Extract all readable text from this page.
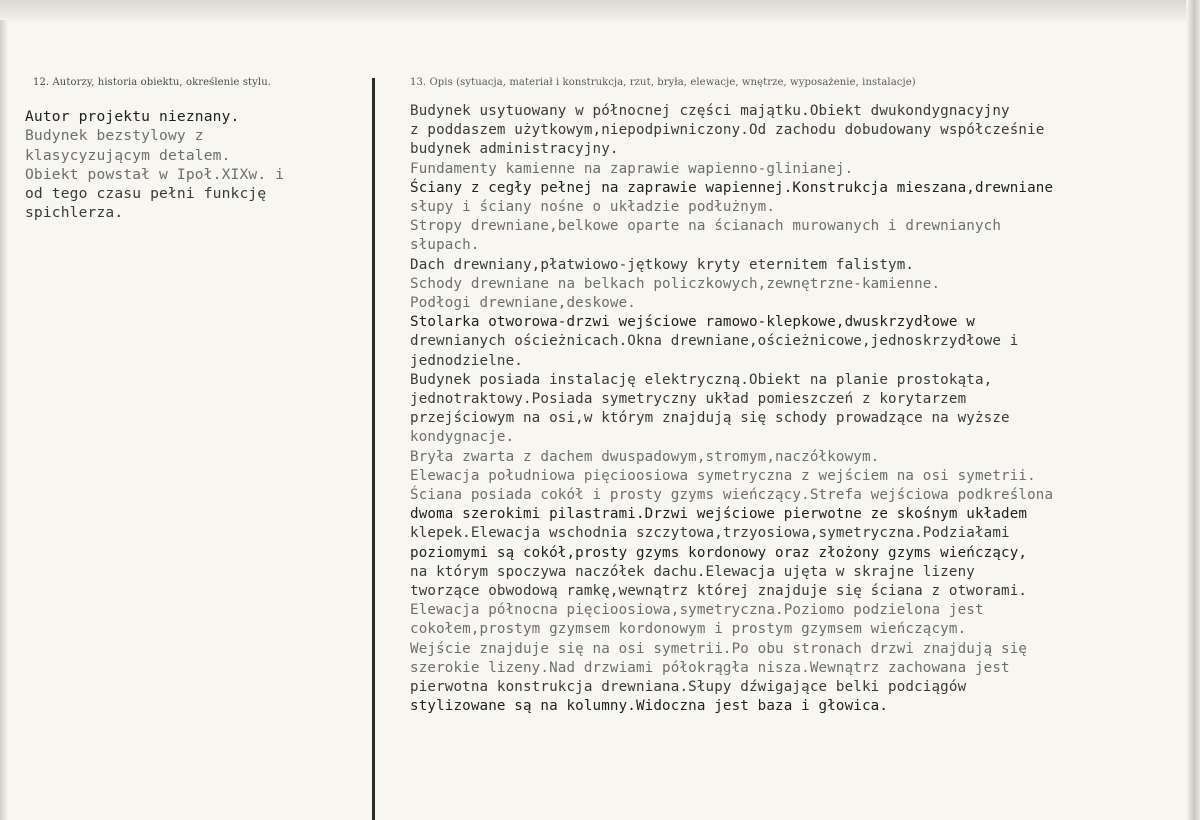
12. Autorzy, historia obiektu, określenie stylu.	13. Opis (sytuacja, materiał i konstrukcja, rzut, bryła, elewacje, wnętrze, wyposażenie, instalacje)
Autor projektu nieznany.
Budynek bezstylowy z
klasycyzującym detalem.
Obiekt powstał w Ipoł.XIXw. i
od tego czasu pełni funkcję
spichlerza.
Budynek usytuowany w północnej części majątku.Obiekt dwukondygnacyjny
z poddaszem użytkowym,niepodpiwniczony.Od zachodu dobudowany współcześnie
budynek administracyjny.
Fundamenty kamienne na zaprawie wapienno-glinianej.
Ściany z cegły pełnej na zaprawie wapiennej.Konstrukcja mieszana,drewniane
słupy i ściany nośne o układzie podłużnym.
Stropy drewniane,belkowe oparte na ścianach murowanych i drewnianych
słupach.
Dach drewniany,płatwiowo-jętkowy kryty eternitem falistym.
Schody drewniane na belkach policzkowych,zewnętrzne-kamienne.
Podłogi drewniane,deskowe.
Stolarka otworowa-drzwi wejściowe ramowo-klepkowe,dwuskrzydłowe w
drewnianych ościeżnicach.Okna drewniane,ościeżnicowe,jednoskrzydłowe i
jednodzielne.
Budynek posiada instalację elektryczną.Obiekt na planie prostokąta,
jednotraktowy.Posiada symetryczny układ pomieszczeń z korytarzem
przejściowym na osi,w którym znajdują się schody prowadzące na wyższe
kondygnacje.
Bryła zwarta z dachem dwuspadowym,stromym,naczółkowym.
Elewacja południowa pięcioosiowa symetryczna z wejściem na osi symetrii.
Ściana posiada cokół i prosty gzyms wieńczący.Strefa wejściowa podkreślona
dwoma szerokimi pilastrami.Drzwi wejściowe pierwotne ze skośnym układem
klepek.Elewacja wschodnia szczytowa,trzyosiowa,symetryczna.Podziałami
poziomymi są cokół,prosty gzyms kordonowy oraz złożony gzyms wieńczący,
na którym spoczywa naczółek dachu.Elewacja ujęta w skrajne lizeny
tworzące obwodową ramkę,wewnątrz której znajduje się ściana z otworami.
Elewacja północna pięcioosiowa,symetryczna.Poziomo podzielona jest
cokołem,prostym gzymsem kordonowym i prostym gzymsem wieńczącym.
Wejście znajduje się na osi symetrii.Po obu stronach drzwi znajdują się
szerokie lizeny.Nad drzwiami półokrągła nisza.Wewnątrz zachowana jest
pierwotna konstrukcja drewniana.Słupy dźwigające belki podciągów
stylizowane są na kolumny.Widoczna jest baza i głowica.
